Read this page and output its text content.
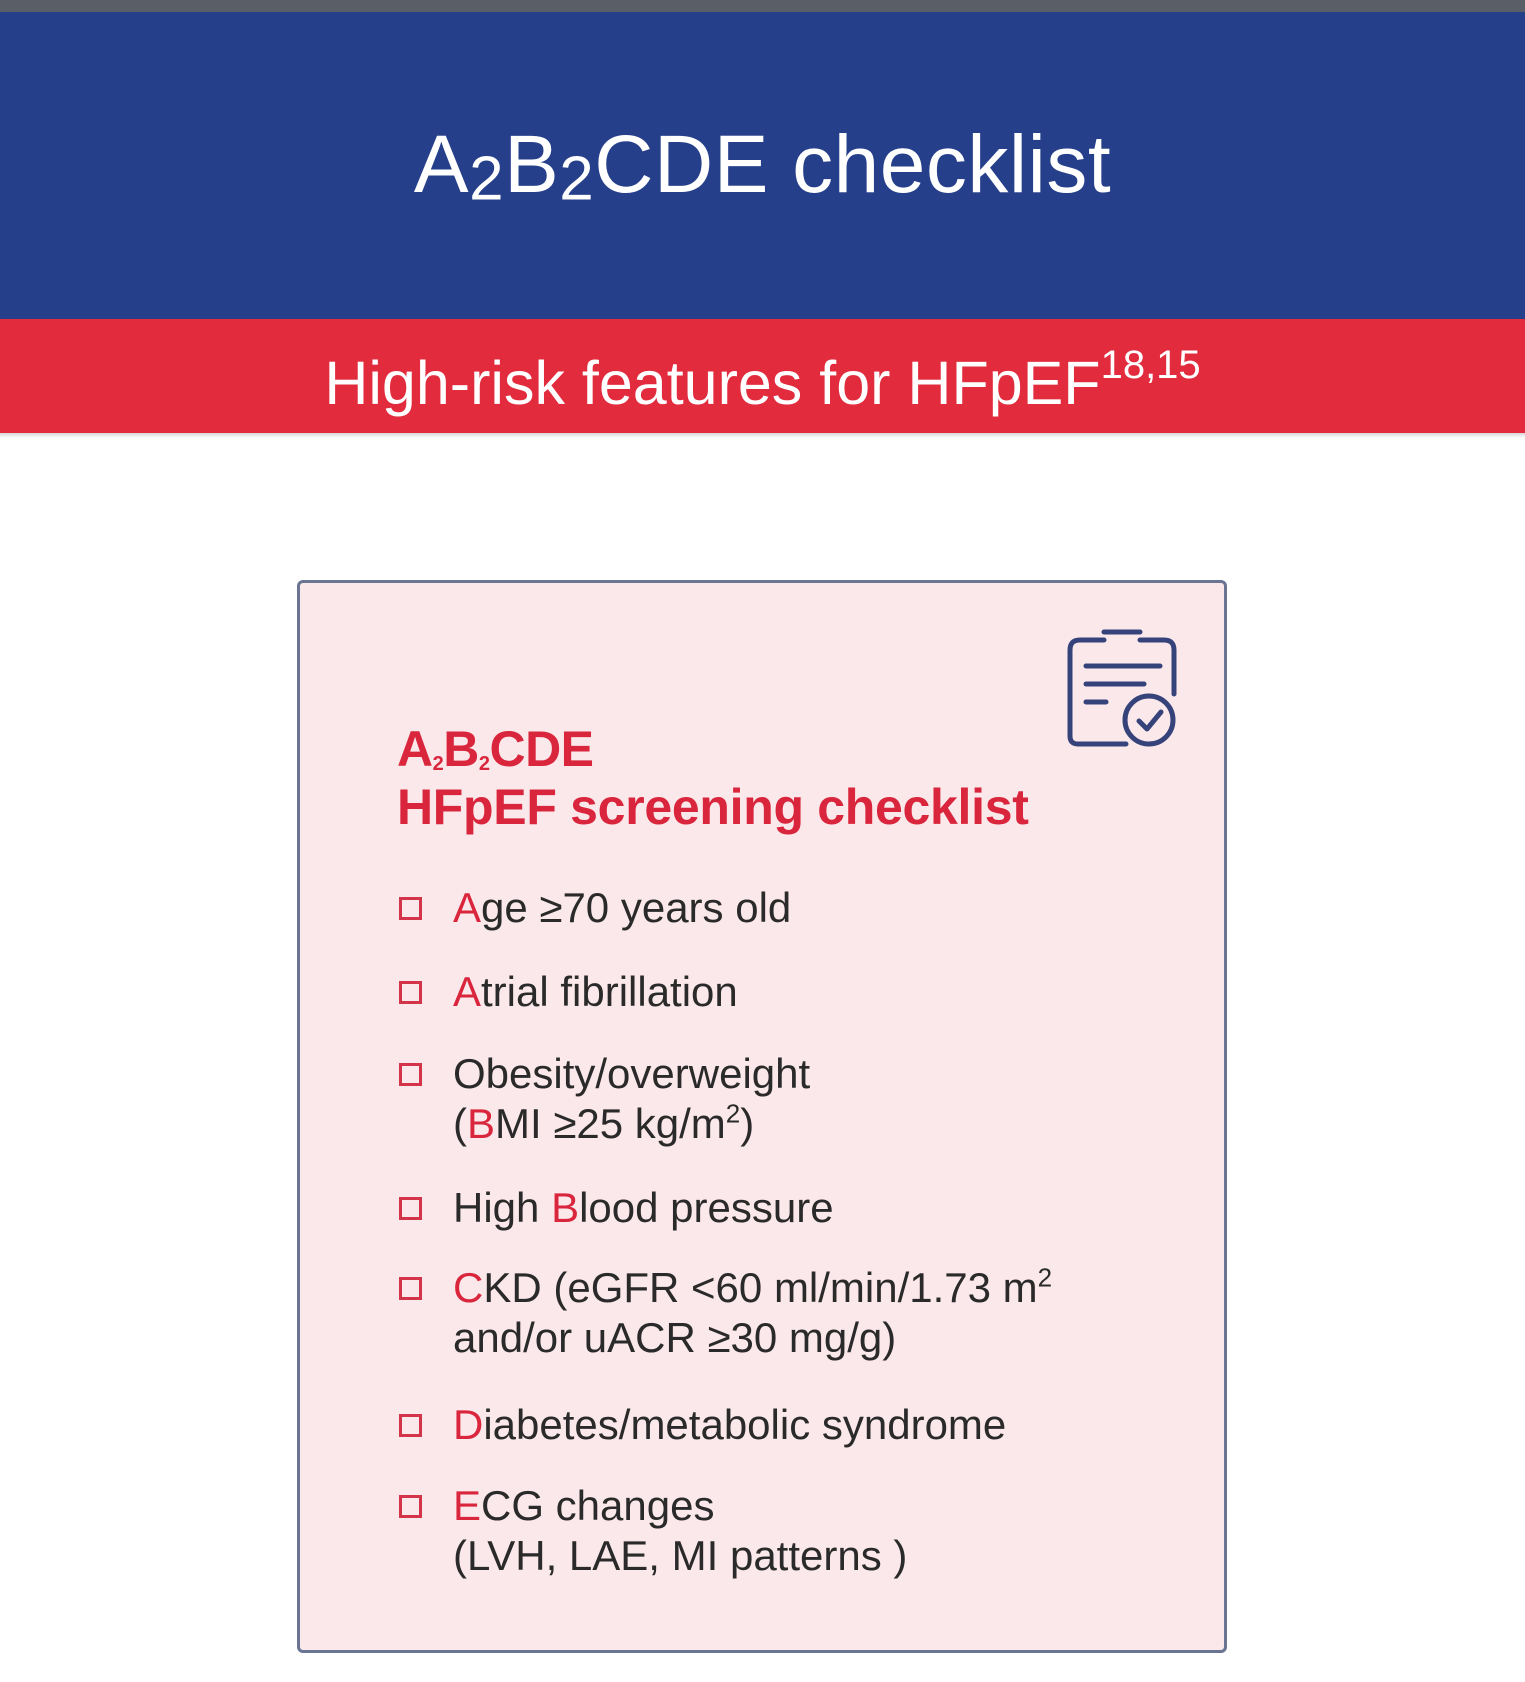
$A_2B_2CDE$ checklist
High-risk features for HFpEF$^{18,15}$
$A_2B_2CDE$
HFpEF screening checklist
Age ≥70 years old
Atrial fibrillation
Obesity/overweight
(BMI ≥25 $kg/m^2$)
High Blood pressure
CKD (eGFR <60 ml/min/1.73 $m^2$
and/or uACR ≥30 mg/g)
Diabetes/metabolic syndrome
ECG changes
(LVH, LAE, MI patterns )
